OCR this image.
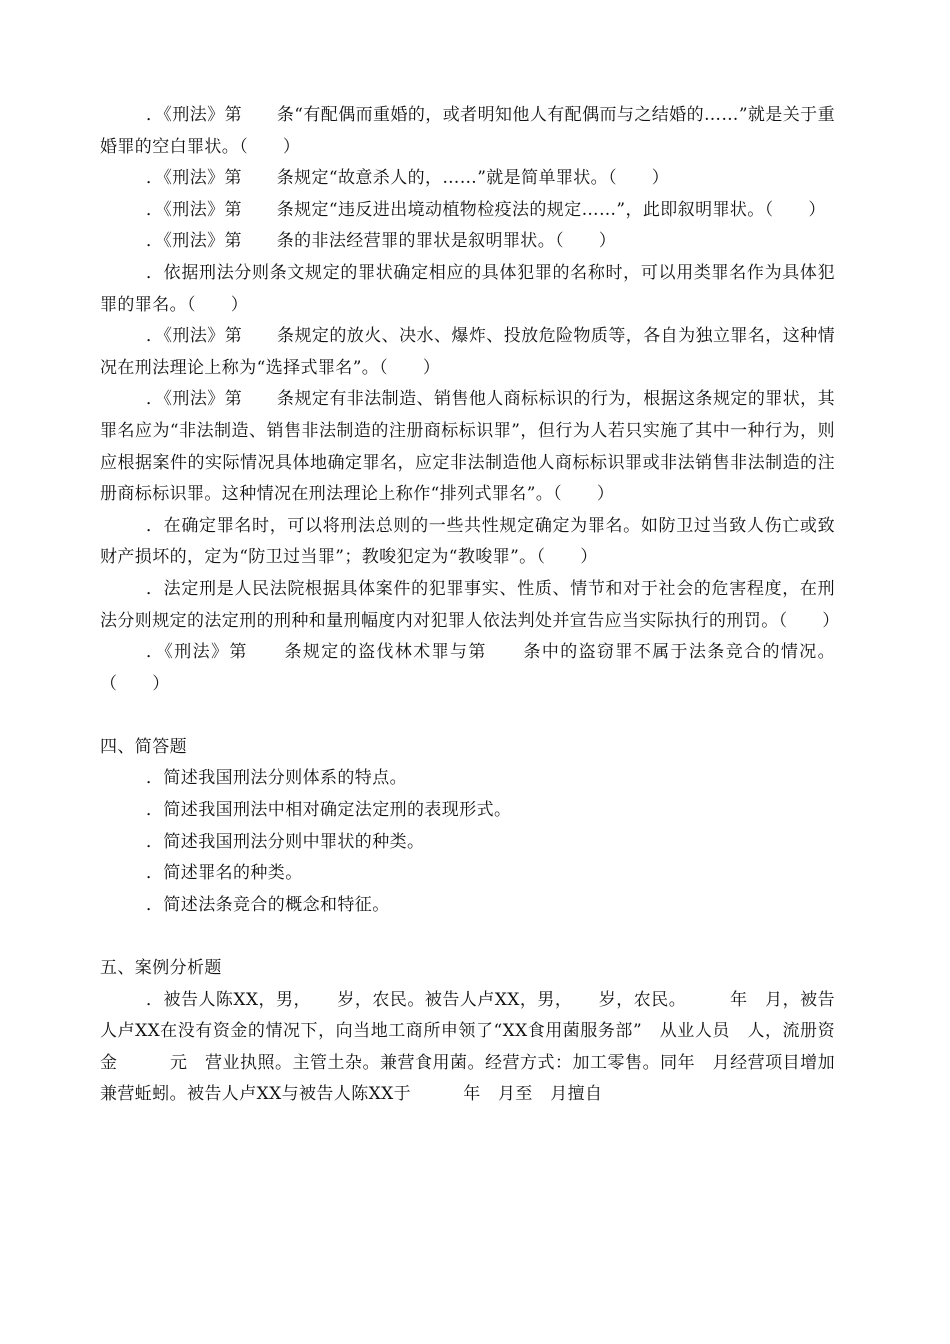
．《刑法》第　　条“有配偶而重婚的，或者明知他人有配偶而与之结婚的……”就是关于重婚罪的空白罪状。（　　）

．《刑法》第　　条规定“故意杀人的，……”就是简单罪状。（　　）

．《刑法》第　　条规定“违反进出境动植物检疫法的规定……”，此即叙明罪状。（　　）

．《刑法》第　　条的非法经营罪的罪状是叙明罪状。（　　）

．依据刑法分则条文规定的罪状确定相应的具体犯罪的名称时，可以用类罪名作为具体犯罪的罪名。（　　）

．《刑法》第　　条规定的放火、决水、爆炸、投放危险物质等，各自为独立罪名，这种情况在刑法理论上称为“选择式罪名”。（　　）

．《刑法》第　　条规定有非法制造、销售他人商标标识的行为，根据这条规定的罪状，其罪名应为“非法制造、销售非法制造的注册商标标识罪”，但行为人若只实施了其中一种行为，则应根据案件的实际情况具体地确定罪名，应定非法制造他人商标标识罪或非法销售非法制造的注册商标标识罪。这种情况在刑法理论上称作“排列式罪名”。（　　）

．在确定罪名时，可以将刑法总则的一些共性规定确定为罪名。如防卫过当致人伤亡或致财产损坏的，定为“防卫过当罪”；教唆犯定为“教唆罪”。（　　）

．法定刑是人民法院根据具体案件的犯罪事实、性质、情节和对于社会的危害程度，在刑法分则规定的法定刑的刑种和量刑幅度内对犯罪人依法判处并宣告应当实际执行的刑罚。（　　）

．《刑法》第　　条规定的盗伐林术罪与第　　条中的盗窃罪不属于法条竞合的情况。（　　）

四、简答题

．简述我国刑法分则体系的特点。

．简述我国刑法中相对确定法定刑的表现形式。

．简述我国刑法分则中罪状的种类。

．简述罪名的种类。

．简述法条竞合的概念和特征。

五、案例分析题

．被告人陈XX，男，　　岁，农民。被告人卢XX，男，　　岁，农民。　　　年　月，被告人卢XX在没有资金的情况下，向当地工商所申领了“XX食用菌服务部”　从业人员　人，流册资金　　　元　营业执照。主管土杂。兼营食用菌。经营方式：加工零售。同年　月经营项目增加兼营蚯蚓。被告人卢XX与被告人陈XX于　　　年　月至　月擅自
